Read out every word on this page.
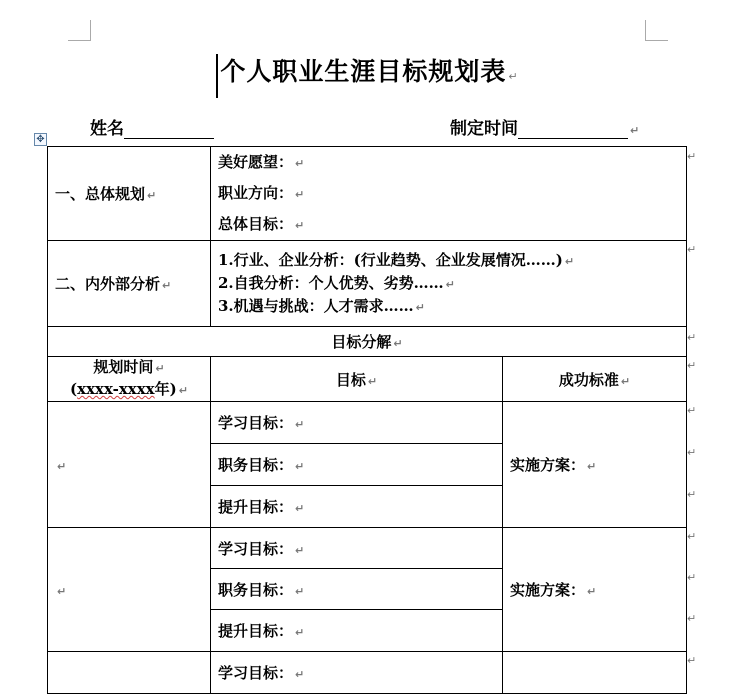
个人职业生涯目标规划表 ↵
姓名	制定时间	↵
✥
一、总体规划 ↵	美好愿望： ↵
职业方向： ↵
总体目标： ↵	

二、内外部分析 ↵	1.行业、企业分析：(行业趋势、企业发展情况……) ↵
2.自我分析：个人优势、劣势…… ↵
3.机遇与挑战：人才需求…… ↵	

目标分解 ↵		

规划时间 ↵
(xxxx-xxxx年) ↵	目标 ↵	成功标准 ↵
↵	学习目标： ↵	实施方案： ↵
	职务目标： ↵	
	提升目标： ↵	
↵	学习目标： ↵	实施方案： ↵
	职务目标： ↵	
	提升目标： ↵	
	学习目标： ↵	
↵
↵
↵
↵
↵
↵
↵
↵
↵
↵
↵
